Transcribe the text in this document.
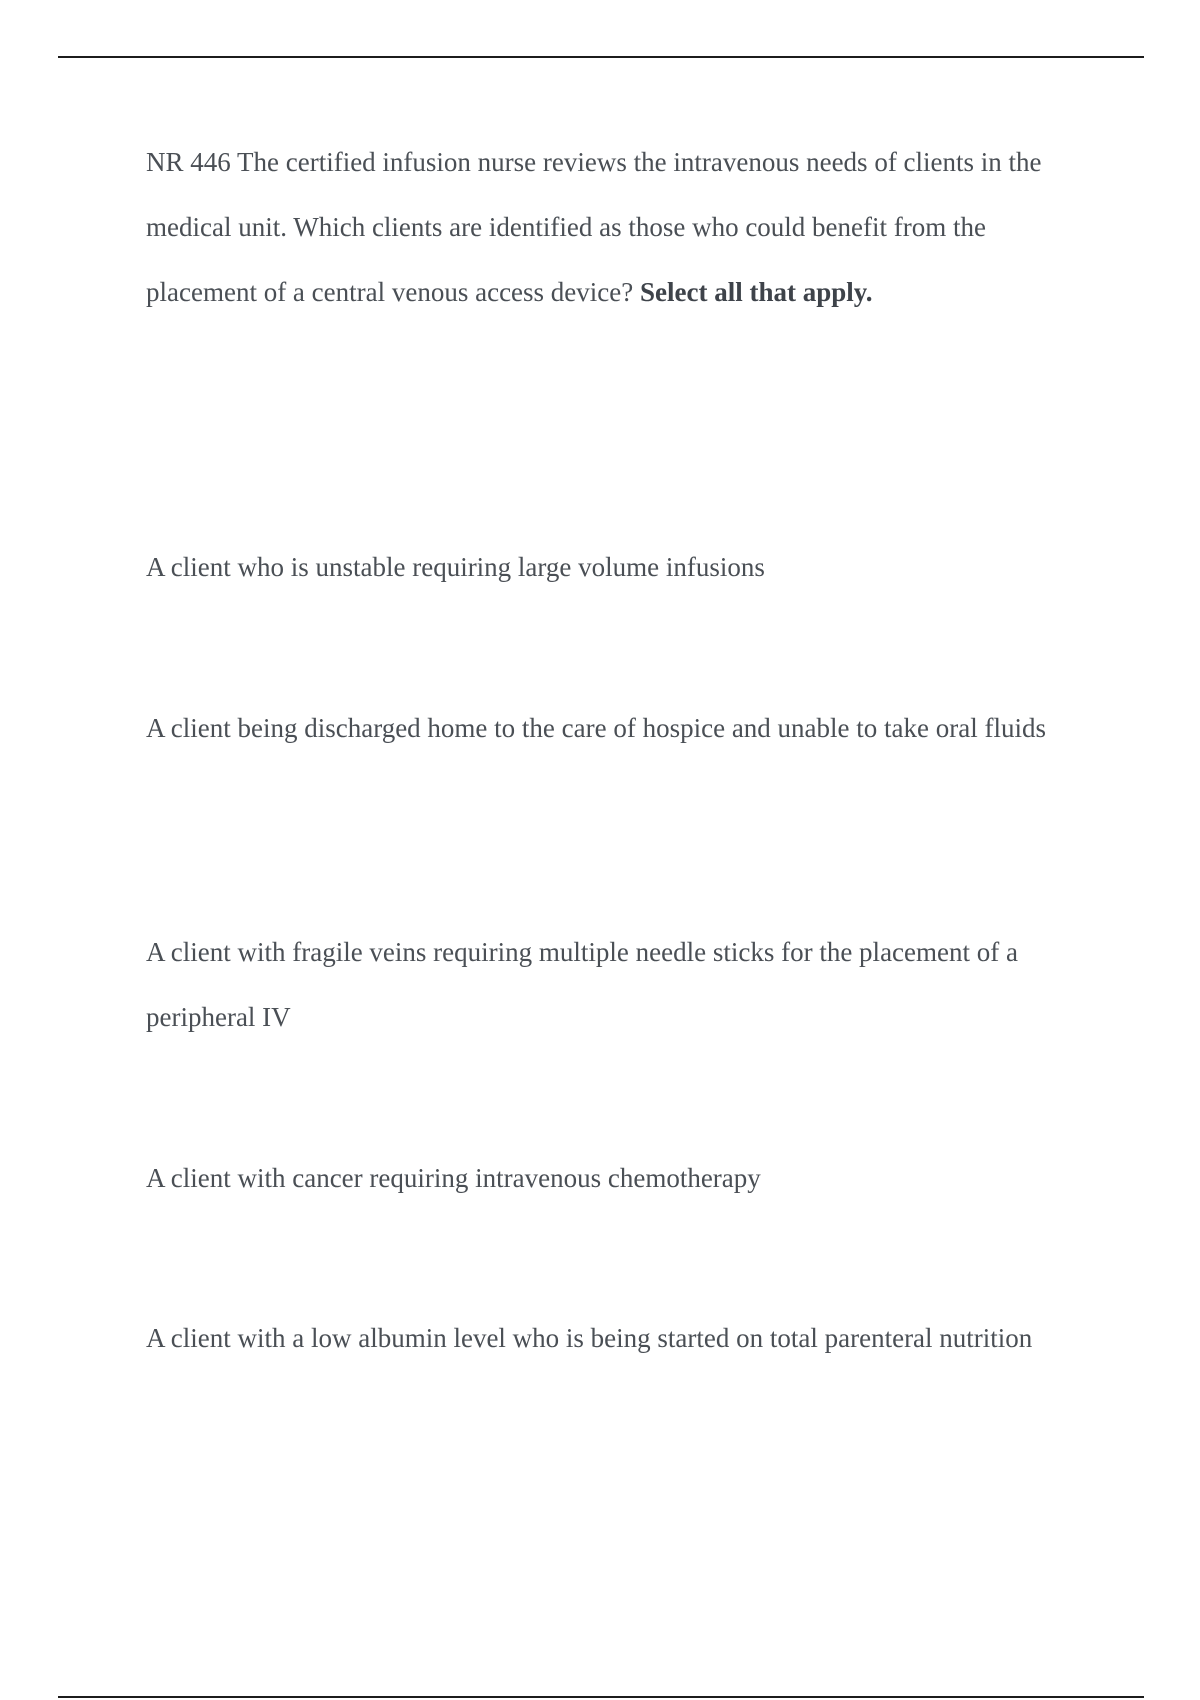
NR 446 The certified infusion nurse reviews the intravenous needs of clients in the medical unit. Which clients are identified as those who could benefit from the placement of a central venous access device? Select all that apply.

A client who is unstable requiring large volume infusions

A client being discharged home to the care of hospice and unable to take oral fluids

A client with fragile veins requiring multiple needle sticks for the placement of a peripheral IV

A client with cancer requiring intravenous chemotherapy

A client with a low albumin level who is being started on total parenteral nutrition
